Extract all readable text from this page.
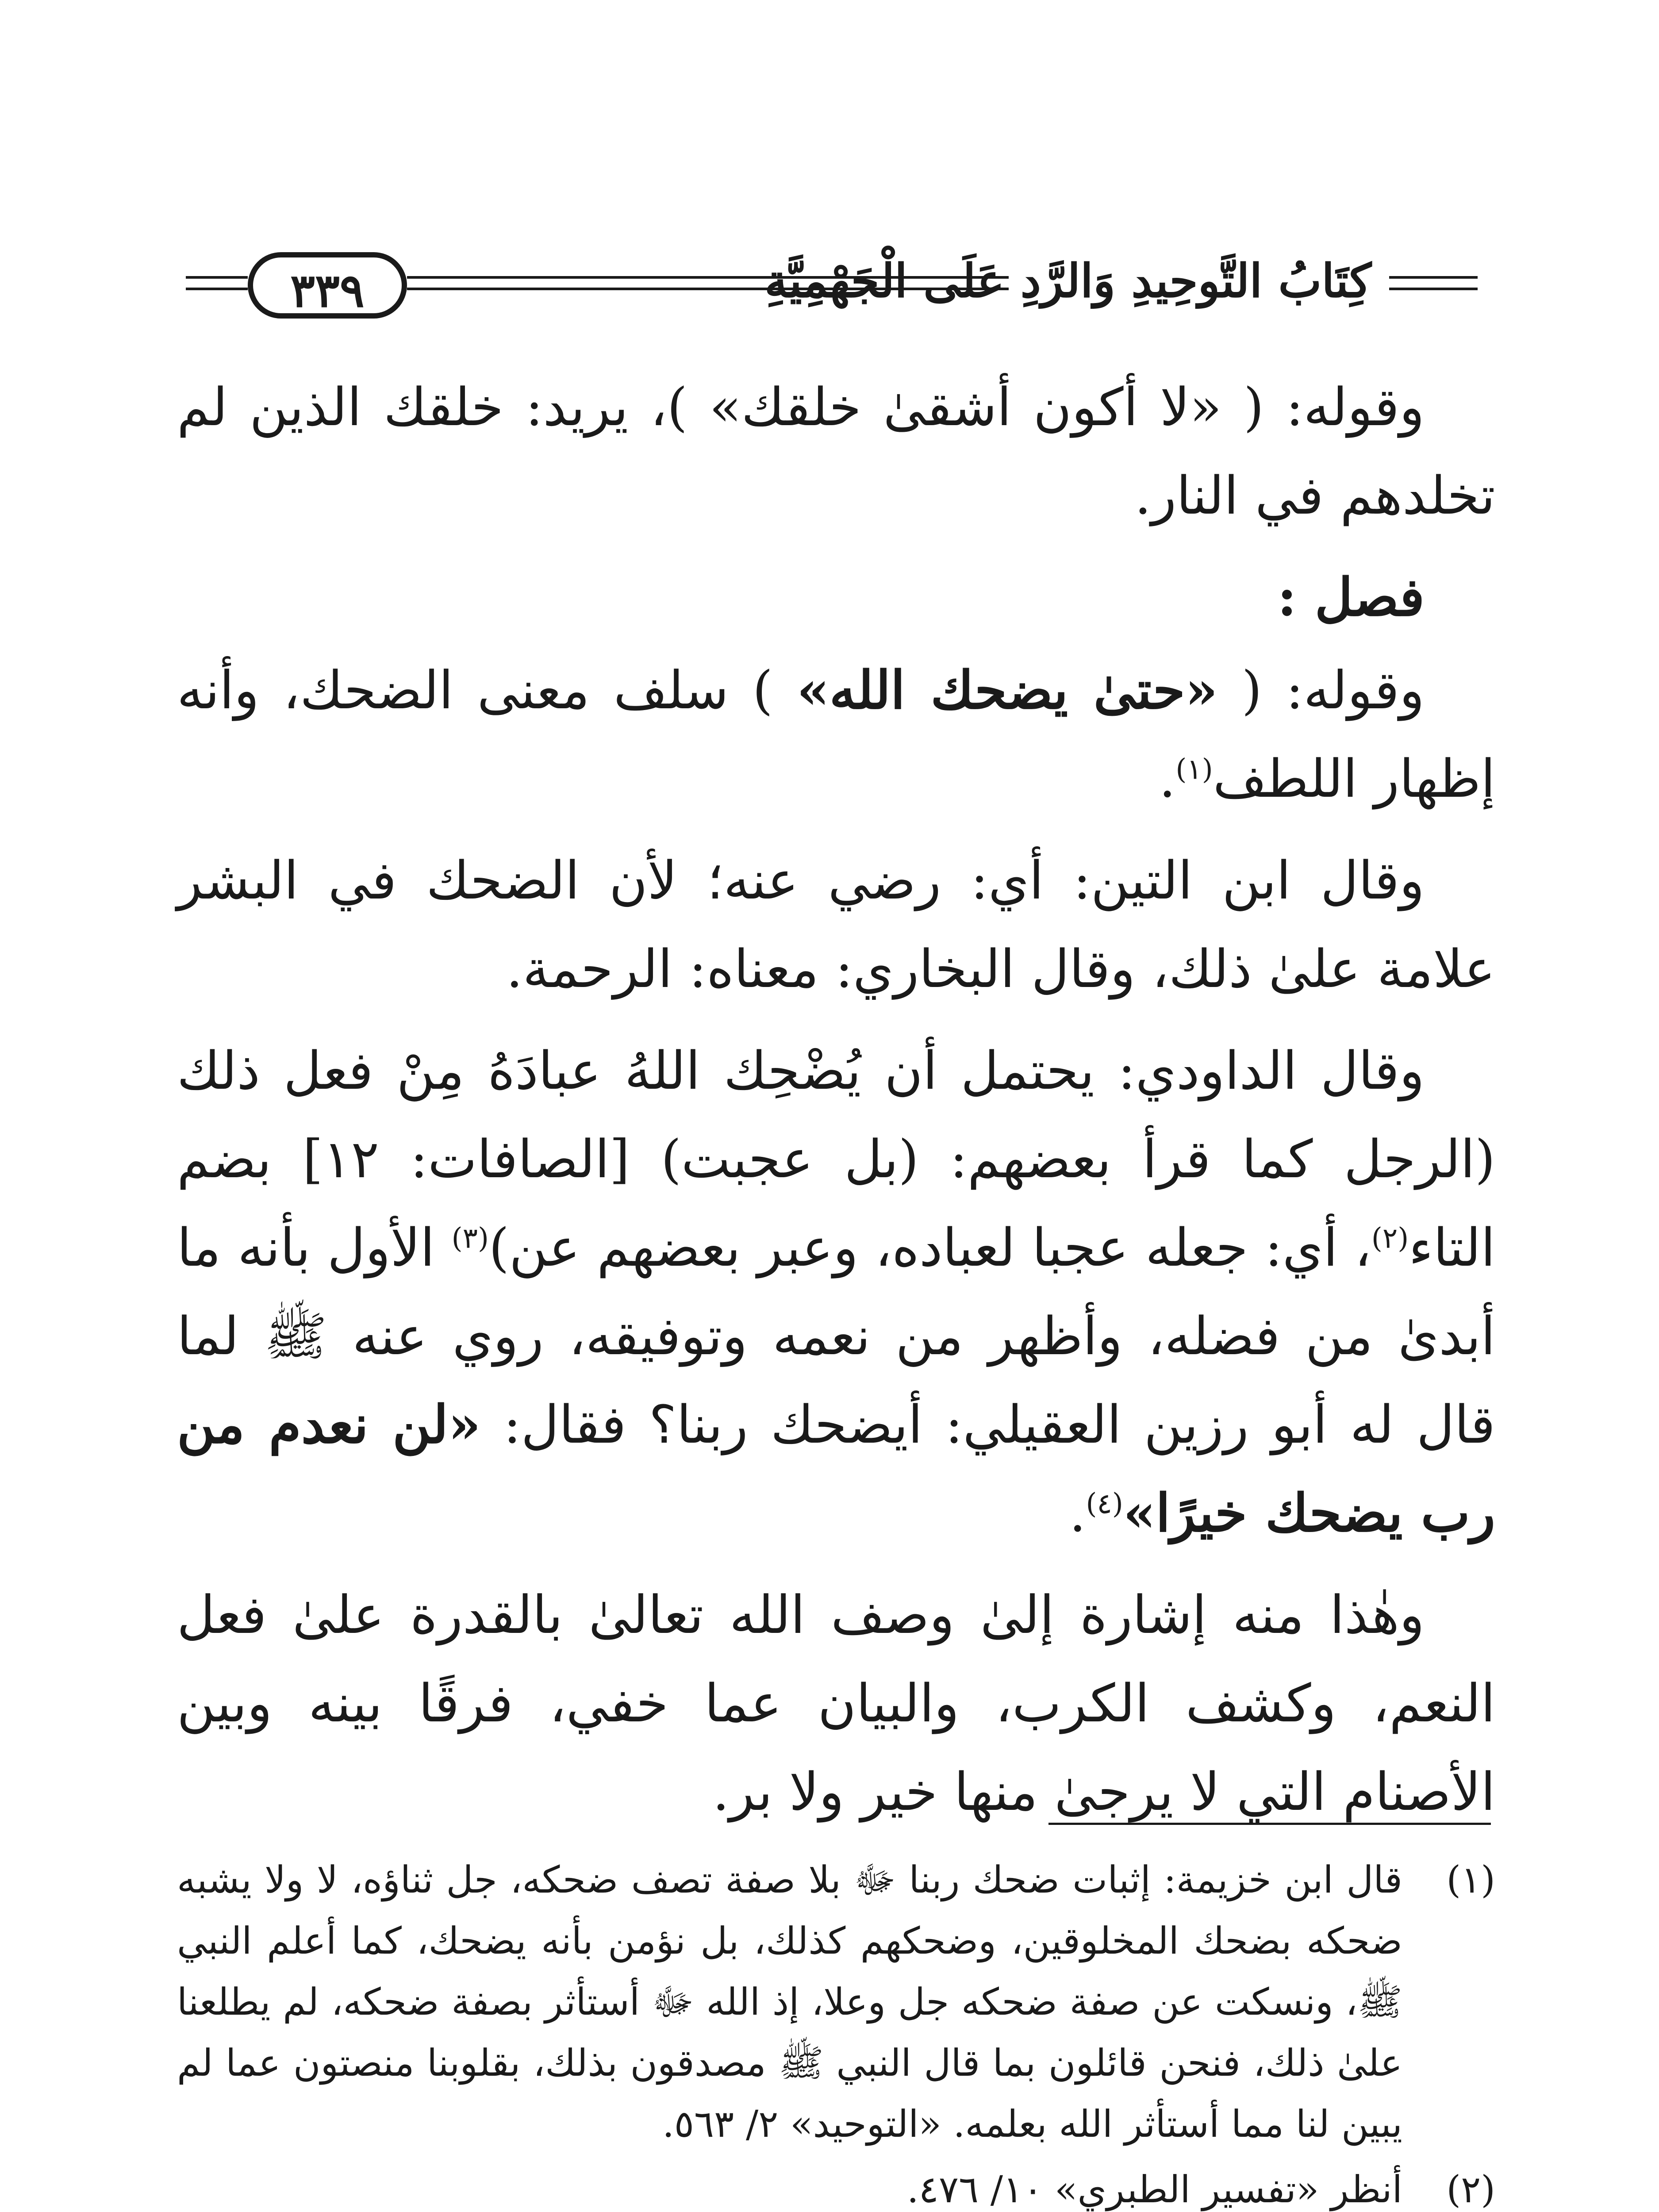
كِتَابُ التَّوحِيدِ وَالرَّدِ عَلَى الْجَهْمِيَّةِ
٣٣٩

وقوله: ( «لا أكون أشقىٰ خلقك» )، يريد: خلقك الذين لم تخلدهم في النار.

فصل :

وقوله: ( «حتىٰ يضحك الله» ) سلف معنى الضحك، وأنه إظهار اللطف$^{(١)}$.

وقال ابن التين: أي: رضي عنه؛ لأن الضحك في البشر علامة علىٰ ذلك، وقال البخاري: معناه: الرحمة.

وقال الداودي: يحتمل أن يُضْحِك اللهُ عبادَهُ مِنْ فعل ذلك (الرجل كما قرأ بعضهم: (بل عجبت) [الصافات: ١٢] بضم التاء$^{(٢)}$، أي: جعله عجبا لعباده، وعبر بعضهم عن)$^{(٣)}$ الأول بأنه ما أبدىٰ من فضله، وأظهر من نعمه وتوفيقه، روي عنه ﷺ لما قال له أبو رزين العقيلي: أيضحك ربنا؟ فقال: «لن نعدم من رب يضحك خيرًا»$^{(٤)}$.

وهٰذا منه إشارة إلىٰ وصف الله تعالىٰ بالقدرة علىٰ فعل النعم، وكشف الكرب، والبيان عما خفي، فرقًا بينه وبين الأصنام التي لا يرجىٰ منها خير ولا بر.

(١)
قال ابن خزيمة: إثبات ضحك ربنا ﷻ بلا صفة تصف ضحكه، جل ثناؤه، لا ولا يشبه ضحكه بضحك المخلوقين، وضحكهم كذلك، بل نؤمن بأنه يضحك، كما أعلم النبي ﷺ، ونسكت عن صفة ضحكه جل وعلا، إذ الله ﷻ أستأثر بصفة ضحكه، لم يطلعنا علىٰ ذلك، فنحن قائلون بما قال النبي ﷺ مصدقون بذلك، بقلوبنا منصتون عما لم يبين لنا مما أستأثر الله بعلمه. «التوحيد» ٢/ ٥٦٣.
(٢)
أنظر «تفسير الطبري» ١٠/ ٤٧٦.
